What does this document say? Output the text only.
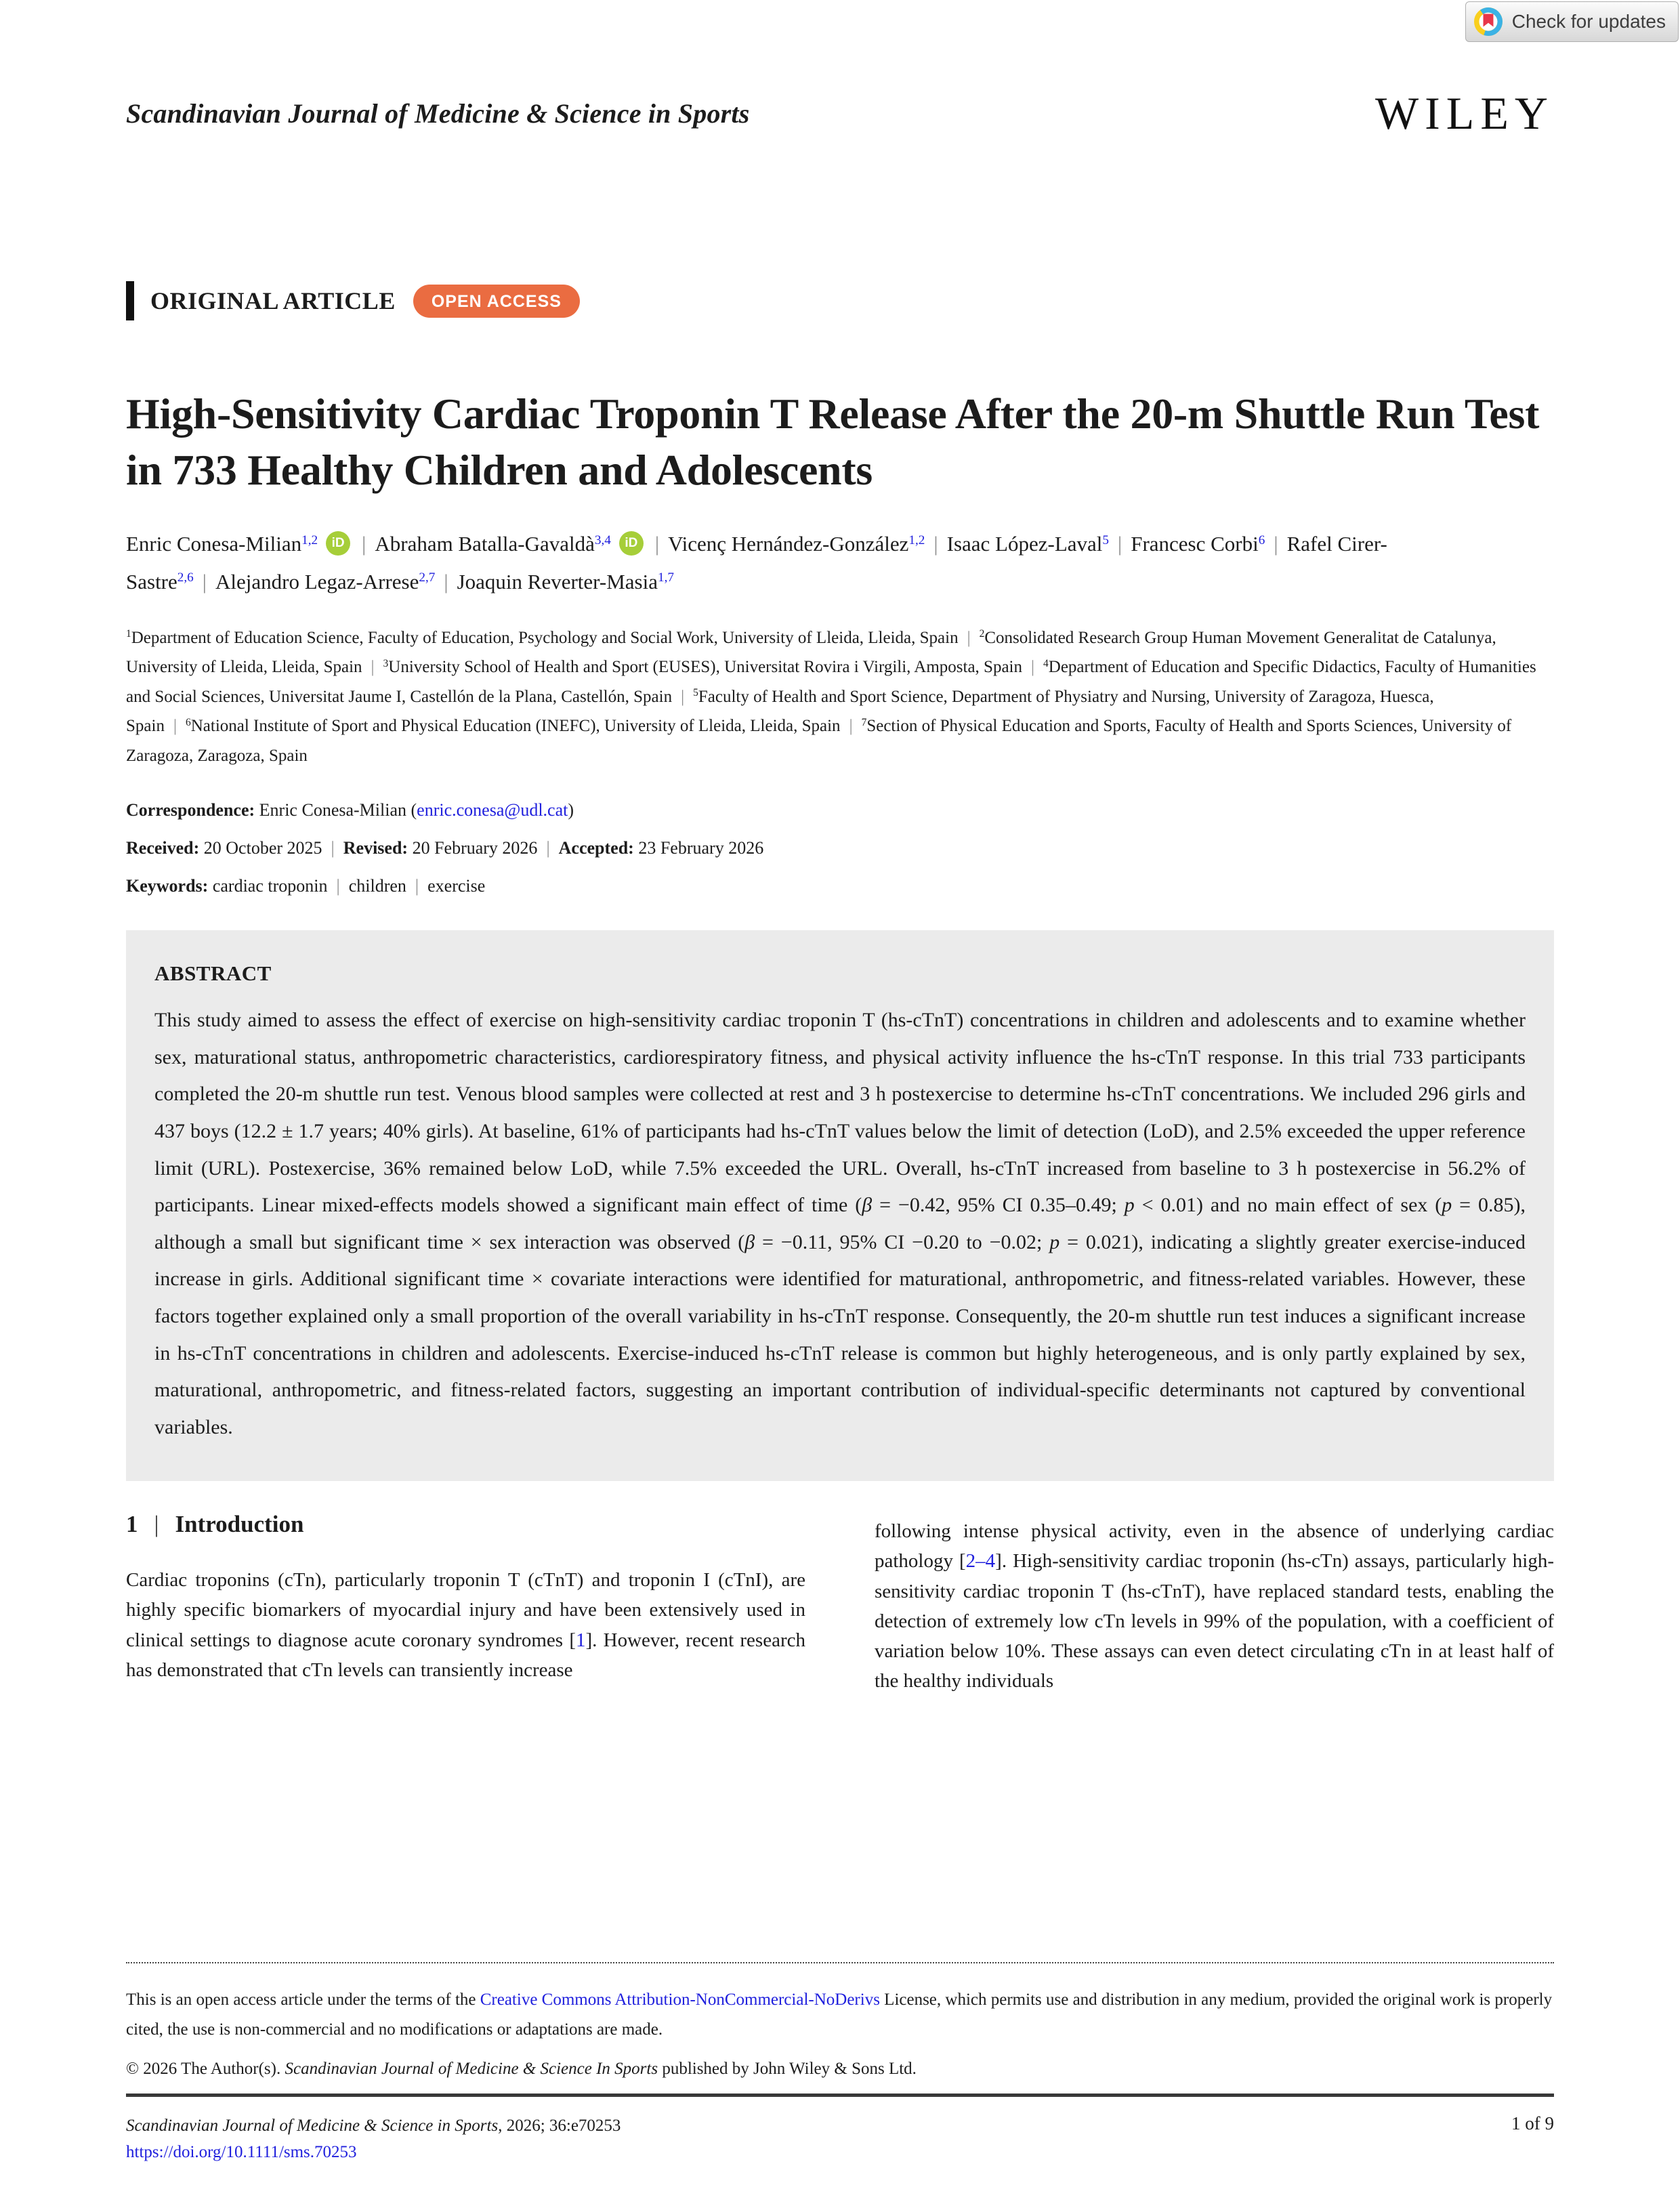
Check for updates
Scandinavian Journal of Medicine & Science in Sports	WILEY
ORIGINAL ARTICLE	OPEN ACCESS
High-Sensitivity Cardiac Troponin T Release After the 20-m Shuttle Run Test in 733 Healthy Children and Adolescents

Enric Conesa-Milian$^{1,2}$ iD | Abraham Batalla-Gavaldà$^{3,4}$ iD | Vicenç Hernández-González$^{1,2}$ | Isaac López-Laval$^5$ | Francesc Corbi$^6$ | Rafel Cirer-Sastre$^{2,6}$ | Alejandro Legaz-Arrese$^{2,7}$ | Joaquin Reverter-Masia$^{1,7}$

$^1$Department of Education Science, Faculty of Education, Psychology and Social Work, University of Lleida, Lleida, Spain | $^2$Consolidated Research Group Human Movement Generalitat de Catalunya, University of Lleida, Lleida, Spain | $^3$University School of Health and Sport (EUSES), Universitat Rovira i Virgili, Amposta, Spain | $^4$Department of Education and Specific Didactics, Faculty of Humanities and Social Sciences, Universitat Jaume I, Castellón de la Plana, Castellón, Spain | $^5$Faculty of Health and Sport Science, Department of Physiatry and Nursing, University of Zaragoza, Huesca, Spain | $^6$National Institute of Sport and Physical Education (INEFC), University of Lleida, Lleida, Spain | $^7$Section of Physical Education and Sports, Faculty of Health and Sports Sciences, University of Zaragoza, Zaragoza, Spain

Correspondence: Enric Conesa-Milian (enric.conesa@udl.cat)

Received: 20 October 2025 | Revised: 20 February 2026 | Accepted: 23 February 2026

Keywords: cardiac troponin | children | exercise

ABSTRACT

This study aimed to assess the effect of exercise on high-sensitivity cardiac troponin T (hs-cTnT) concentrations in children and adolescents and to examine whether sex, maturational status, anthropometric characteristics, cardiorespiratory fitness, and physical activity influence the hs-cTnT response. In this trial 733 participants completed the 20-m shuttle run test. Venous blood samples were collected at rest and 3 h postexercise to determine hs-cTnT concentrations. We included 296 girls and 437 boys (12.2 ± 1.7 years; 40% girls). At baseline, 61% of participants had hs-cTnT values below the limit of detection (LoD), and 2.5% exceeded the upper reference limit (URL). Postexercise, 36% remained below LoD, while 7.5% exceeded the URL. Overall, hs-cTnT increased from baseline to 3 h postexercise in 56.2% of participants. Linear mixed-effects models showed a significant main effect of time (β = −0.42, 95% CI 0.35–0.49; p < 0.01) and no main effect of sex (p = 0.85), although a small but significant time × sex interaction was observed (β = −0.11, 95% CI −0.20 to −0.02; p = 0.021), indicating a slightly greater exercise-induced increase in girls. Additional significant time × covariate interactions were identified for maturational, anthropometric, and fitness-related variables. However, these factors together explained only a small proportion of the overall variability in hs-cTnT response. Consequently, the 20-m shuttle run test induces a significant increase in hs-cTnT concentrations in children and adolescents. Exercise-induced hs-cTnT release is common but highly heterogeneous, and is only partly explained by sex, maturational, anthropometric, and fitness-related factors, suggesting an important contribution of individual-specific determinants not captured by conventional variables.

1 | Introduction

Cardiac troponins (cTn), particularly troponin T (cTnT) and troponin I (cTnI), are highly specific biomarkers of myocardial injury and have been extensively used in clinical settings to diagnose acute coronary syndromes [1]. However, recent research has demonstrated that cTn levels can transiently increase

following intense physical activity, even in the absence of underlying cardiac pathology [2–4]. High-sensitivity cardiac troponin (hs-cTn) assays, particularly high-sensitivity cardiac troponin T (hs-cTnT), have replaced standard tests, enabling the detection of extremely low cTn levels in 99% of the population, with a coefficient of variation below 10%. These assays can even detect circulating cTn in at least half of the healthy individuals

This is an open access article under the terms of the Creative Commons Attribution-NonCommercial-NoDerivs License, which permits use and distribution in any medium, provided the original work is properly cited, the use is non-commercial and no modifications or adaptations are made.

© 2026 The Author(s). Scandinavian Journal of Medicine & Science In Sports published by John Wiley & Sons Ltd.

Scandinavian Journal of Medicine & Science in Sports, 2026; 36:e70253

https://doi.org/10.1111/sms.70253

1 of 9
